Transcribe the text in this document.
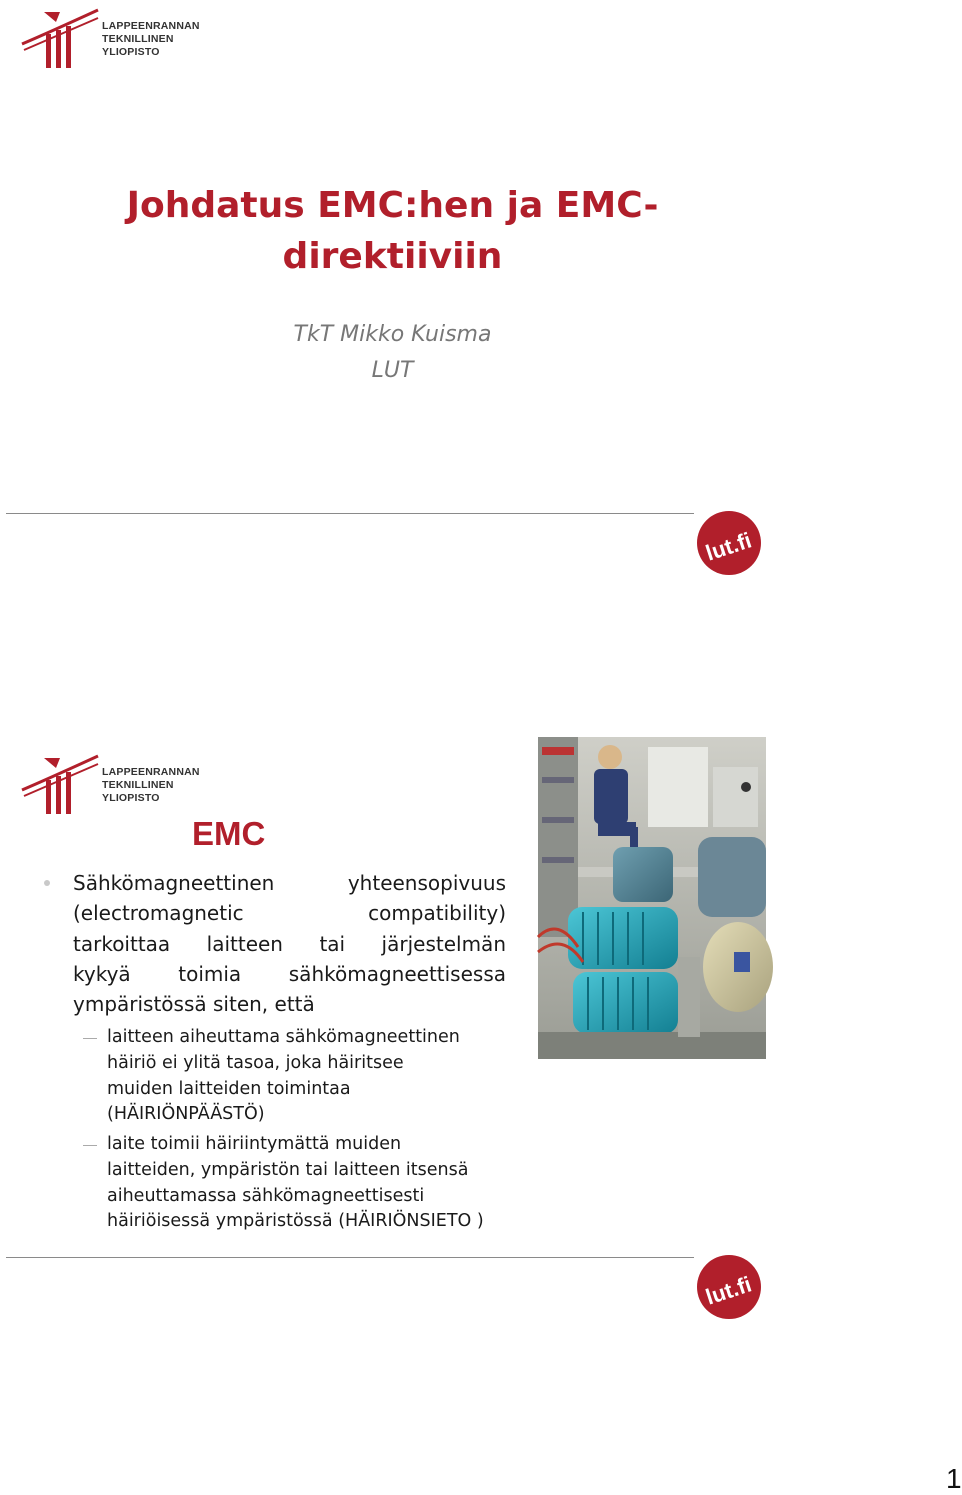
LAPPEENRANNAN
TEKNILLINEN YLIOPISTO
Johdatus EMC:hen ja EMC-
direktiiviin
TkT Mikko Kuisma
LUT
lut.fi
LAPPEENRANNAN
TEKNILLINEN YLIOPISTO
EMC
Sähkömagneettinen yhteensopivuus
(electromagnetic compatibility)
tarkoittaa laitteen tai järjestelmän
kykyä toimia sähkömagneettisessa
ympäristössä siten, että
laitteen aiheuttama sähkömagneettinen
häiriö ei ylitä tasoa, joka häiritsee
muiden laitteiden toimintaa
(HÄIRIÖNPÄÄSTÖ)
laite toimii häiriintymättä muiden
laitteiden, ympäristön tai laitteen itsensä
aiheuttamassa sähkömagneettisesti
häiriöisessä ympäristössä (HÄIRIÖNSIETO )
lut.fi
1
